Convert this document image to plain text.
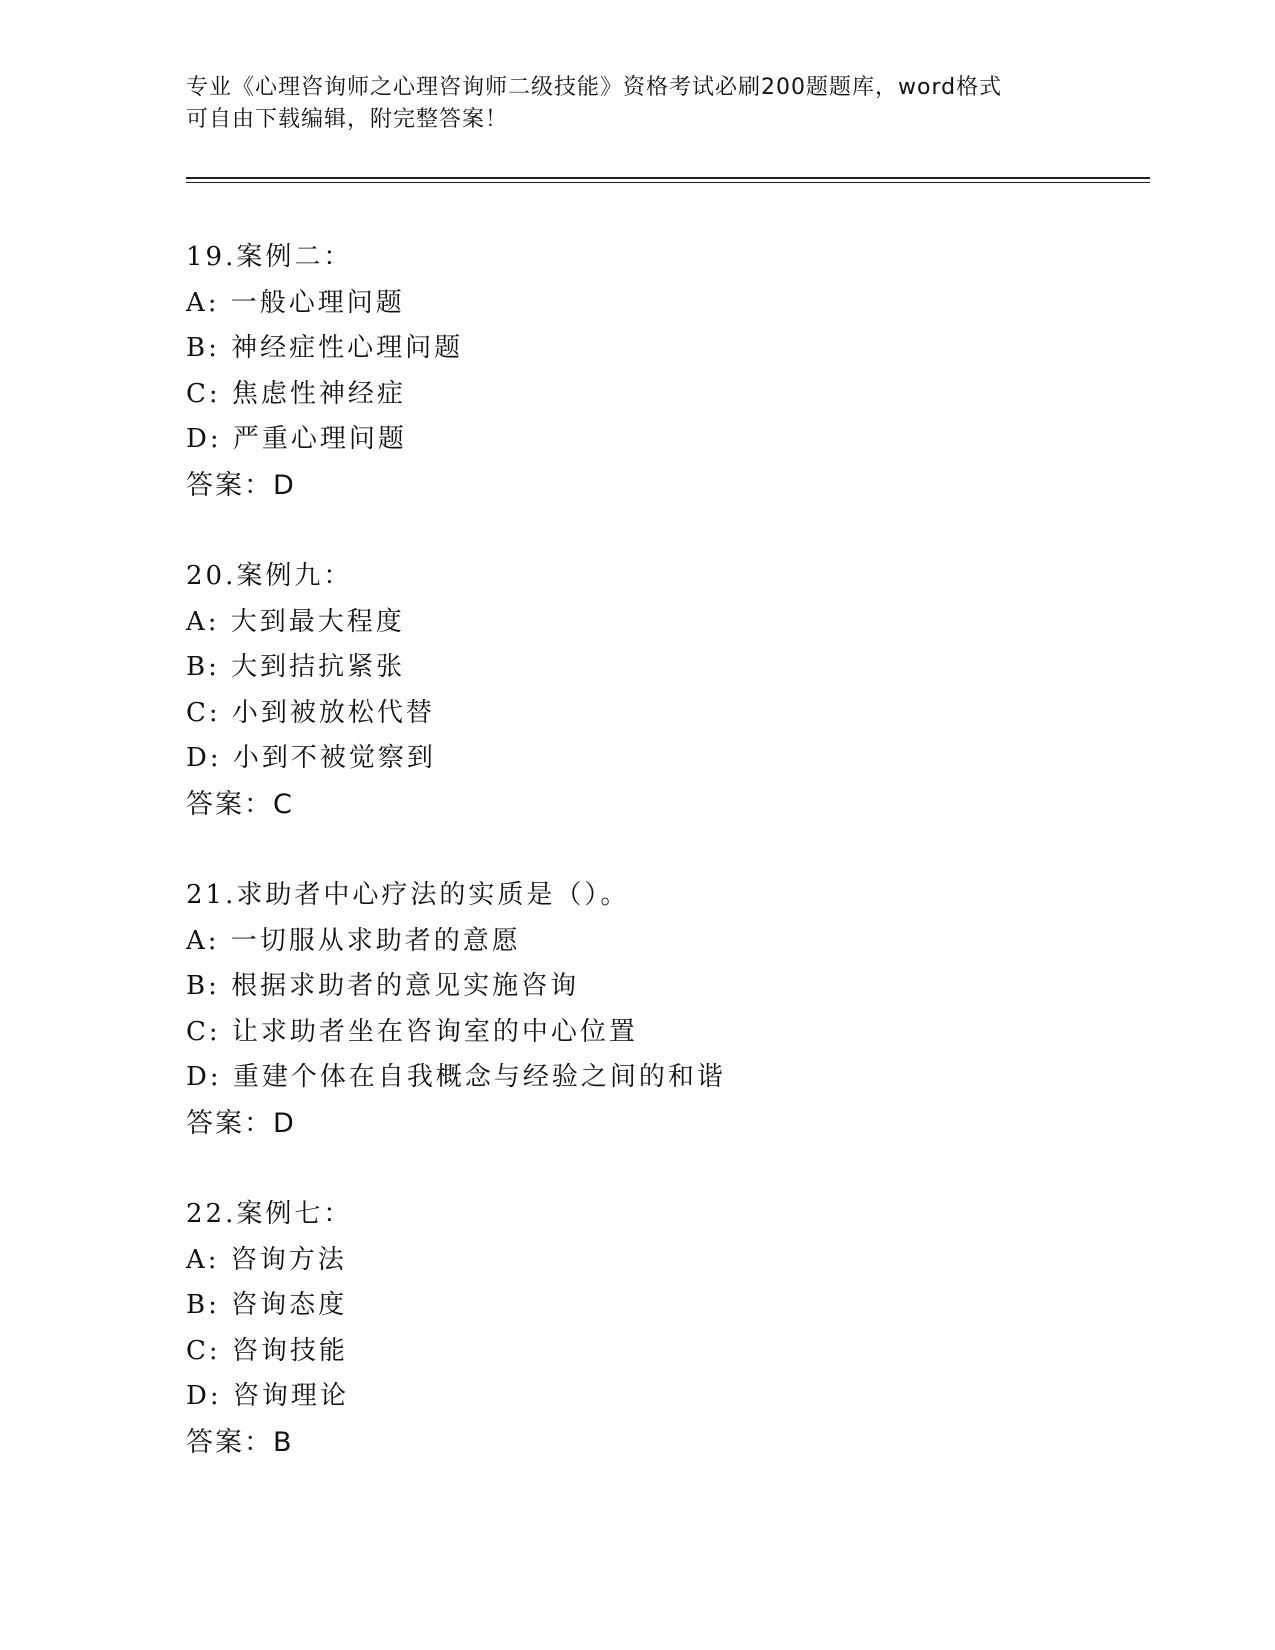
专业《心理咨询师之心理咨询师二级技能》资格考试必刷200题题库，word格式
可自由下载编辑，附完整答案！
19.案例二：
A: 一般心理问题
B: 神经症性心理问题
C: 焦虑性神经症
D: 严重心理问题
答案：D
20.案例九：
A: 大到最大程度
B: 大到拮抗紧张
C: 小到被放松代替
D: 小到不被觉察到
答案：C
21.求助者中心疗法的实质是（）。
A: 一切服从求助者的意愿
B: 根据求助者的意见实施咨询
C: 让求助者坐在咨询室的中心位置
D: 重建个体在自我概念与经验之间的和谐
答案：D
22.案例七：
A: 咨询方法
B: 咨询态度
C: 咨询技能
D: 咨询理论
答案：B
